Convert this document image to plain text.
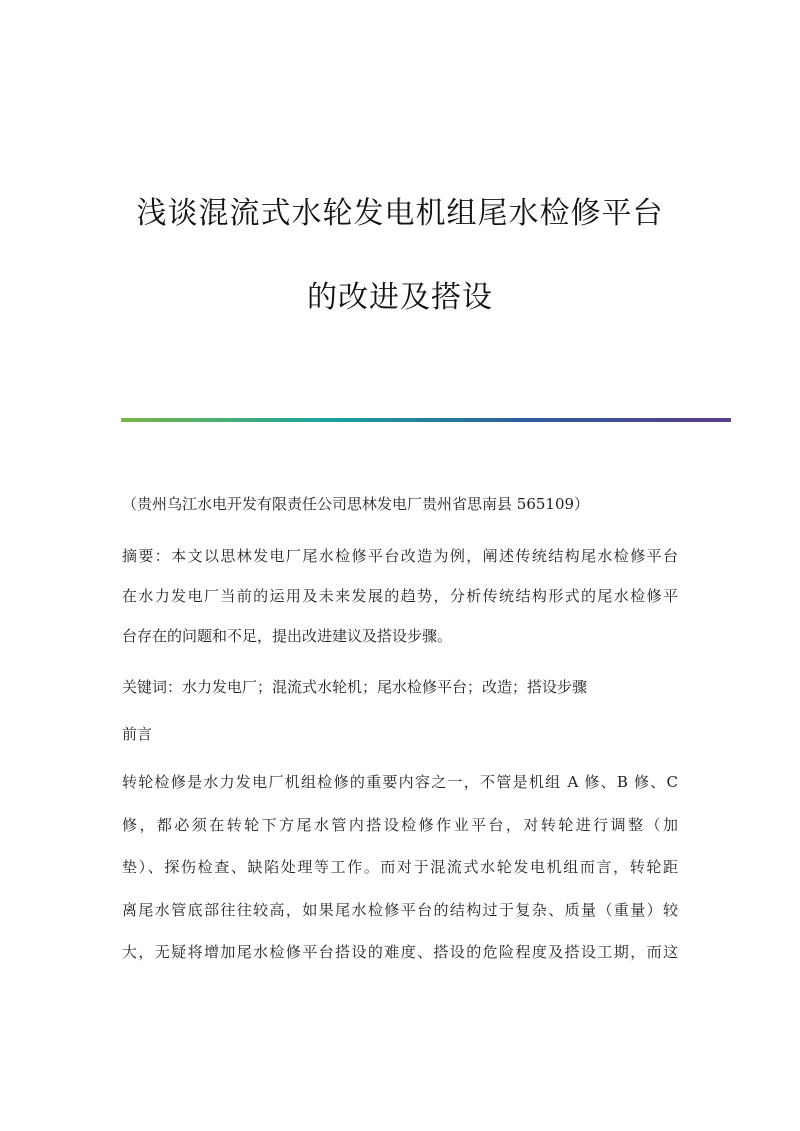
浅谈混流式水轮发电机组尾水检修平台
的改进及搭设
（贵州乌江水电开发有限责任公司思林发电厂贵州省思南县 565109）
摘要：本文以思林发电厂尾水检修平台改造为例，阐述传统结构尾水检修平台
在水力发电厂当前的运用及未来发展的趋势，分析传统结构形式的尾水检修平
台存在的问题和不足，提出改进建议及搭设步骤。
关键词：水力发电厂；混流式水轮机；尾水检修平台；改造；搭设步骤
前言
转轮检修是水力发电厂机组检修的重要内容之一，不管是机组 A 修、B 修、C
修，都必须在转轮下方尾水管内搭设检修作业平台，对转轮进行调整（加
垫）、探伤检查、缺陷处理等工作。而对于混流式水轮发电机组而言，转轮距
离尾水管底部往往较高，如果尾水检修平台的结构过于复杂、质量（重量）较
大，无疑将增加尾水检修平台搭设的难度、搭设的危险程度及搭设工期，而这
